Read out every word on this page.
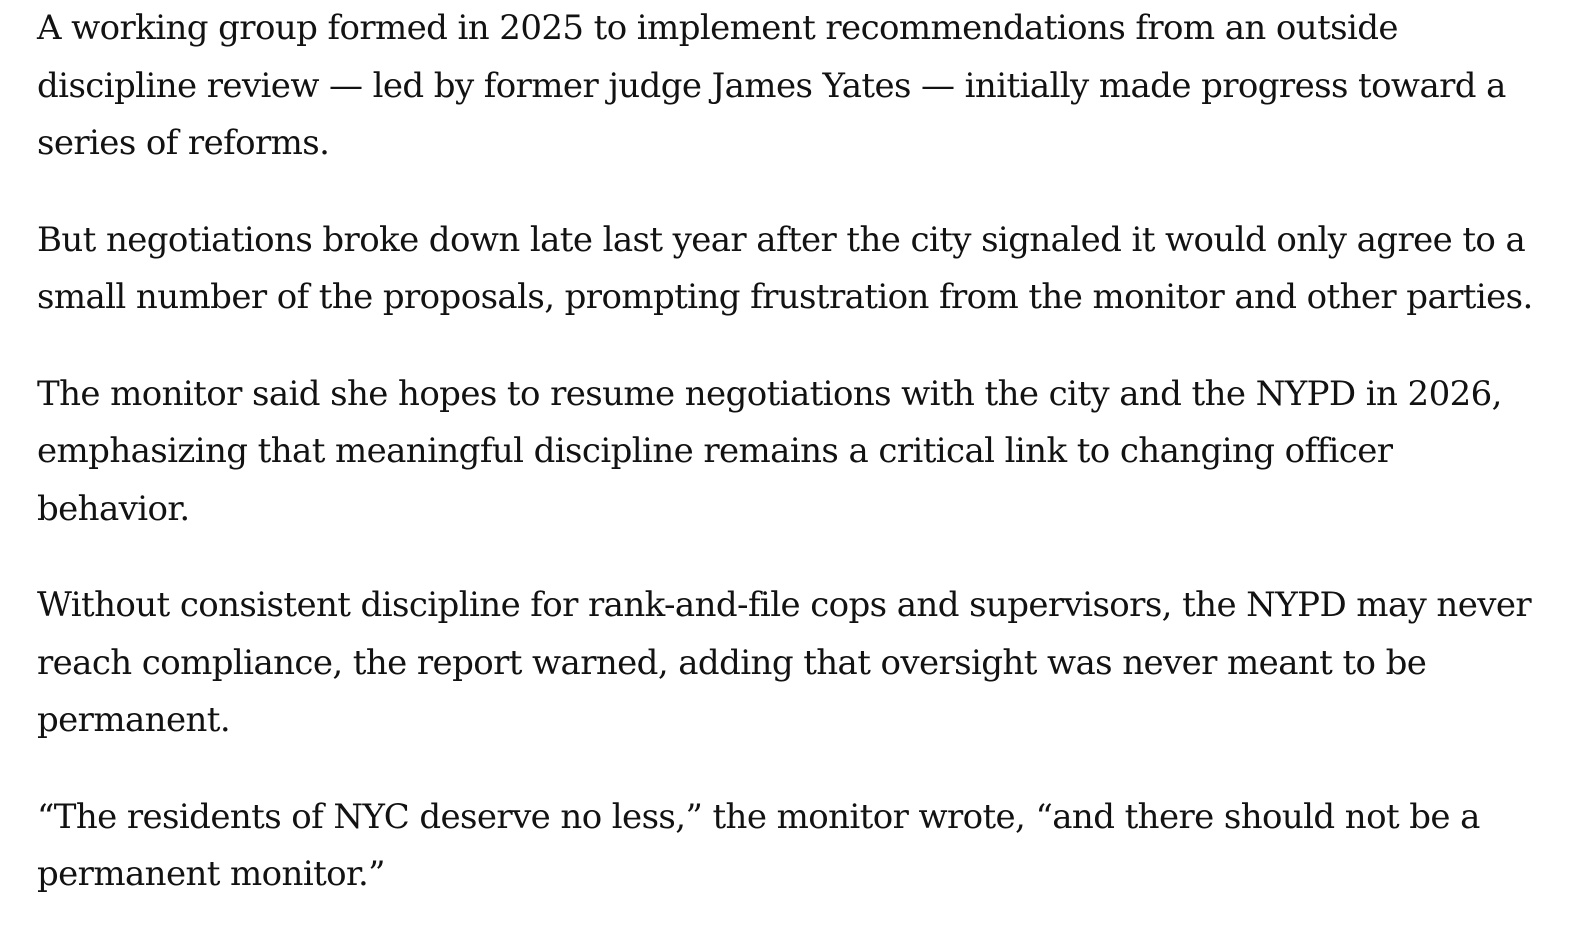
A working group formed in 2025 to implement recommendations from an outside discipline review — led by former judge James Yates — initially made progress toward a series of reforms.

But negotiations broke down late last year after the city signaled it would only agree to a small number of the proposals, prompting frustration from the monitor and other parties.

The monitor said she hopes to resume negotiations with the city and the NYPD in 2026, emphasizing that meaningful discipline remains a critical link to changing officer behavior.

Without consistent discipline for rank-and-file cops and supervisors, the NYPD may never reach compliance, the report warned, adding that oversight was never meant to be permanent.

“The residents of NYC deserve no less,” the monitor wrote, “and there should not be a permanent monitor.”
